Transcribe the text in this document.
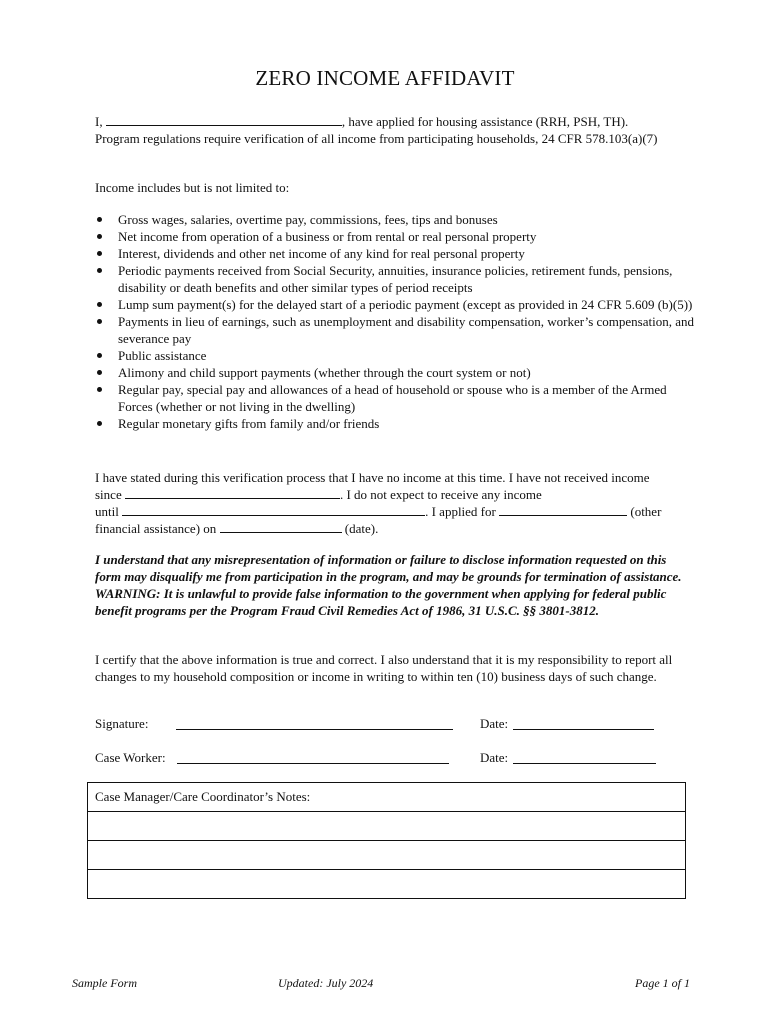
ZERO INCOME AFFIDAVIT
I,	, have applied for housing assistance (RRH, PSH, TH).
Program regulations require verification of all income from participating households, 24 CFR 578.103(a)(7)
Income includes but is not limited to:
Gross wages, salaries, overtime pay, commissions, fees, tips and bonuses
Net income from operation of a business or from rental or real personal property
Interest, dividends and other net income of any kind for real personal property
Periodic payments received from Social Security, annuities, insurance policies, retirement funds, pensions, disability or death benefits and other similar types of period receipts
Lump sum payment(s) for the delayed start of a periodic payment (except as provided in 24 CFR 5.609 (b)(5))
Payments in lieu of earnings, such as unemployment and disability compensation, worker’s compensation, and severance pay
Public assistance
Alimony and child support payments (whether through the court system or not)
Regular pay, special pay and allowances of a head of household or spouse who is a member of the Armed Forces (whether or not living in the dwelling)
Regular monetary gifts from family and/or friends
I have stated during this verification process that I have no income at this time. I have not received income
since	. I do not expect to receive any income
until	. I applied for	(other
financial assistance) on	(date).
I understand that any misrepresentation of information or failure to disclose information requested on this form may disqualify me from participation in the program, and may be grounds for termination of assistance. WARNING: It is unlawful to provide false information to the government when applying for federal public benefit programs per the Program Fraud Civil Remedies Act of 1986, 31 U.S.C. §§ 3801-3812.
I certify that the above information is true and correct. I also understand that it is my responsibility to report all changes to my household composition or income in writing to within ten (10) business days of such change.
Signature:	Date:
Case Worker:	Date:
Case Manager/Care Coordinator’s Notes:
Sample Form	Updated: July 2024	Page 1 of 1
